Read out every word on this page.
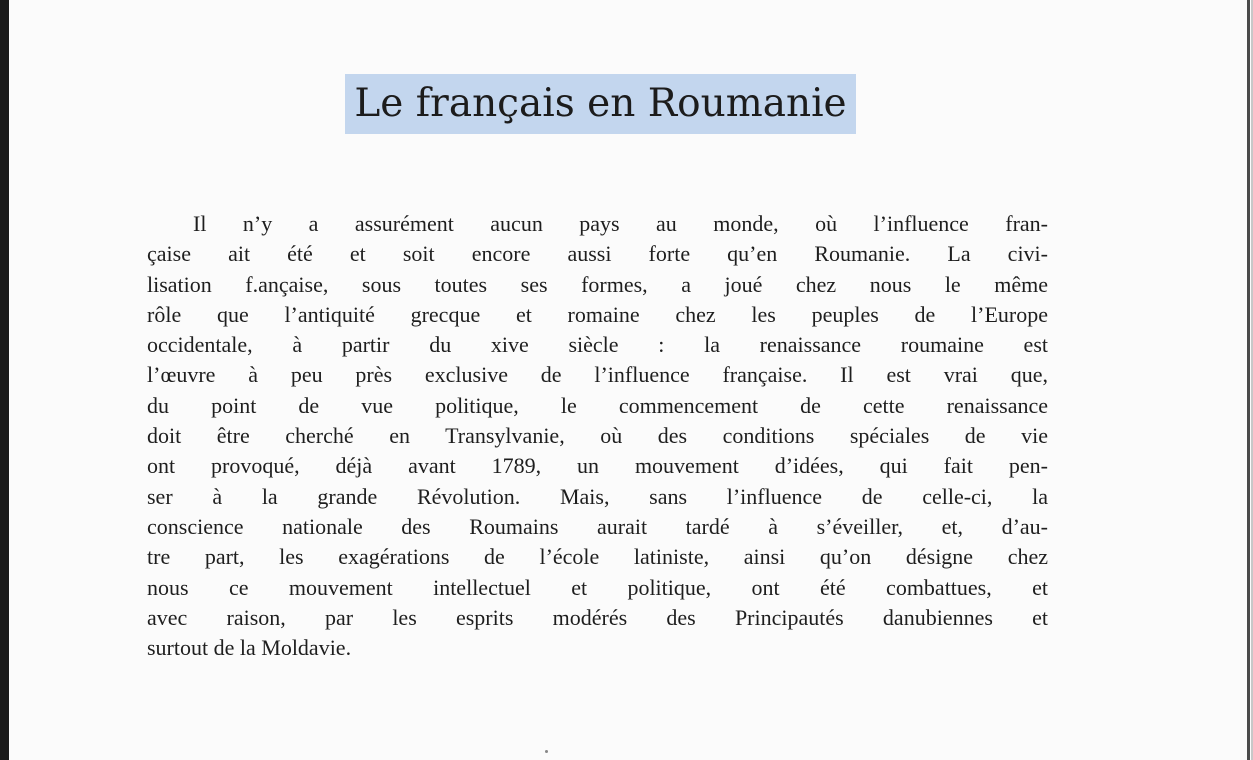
Le français en Roumanie
Il n’y a assurément aucun pays au monde, où l’influence fran-
çaise ait été et soit encore aussi forte qu’en Roumanie. La civi-
lisation f.ançaise, sous toutes ses formes, a joué chez nous le même
rôle que l’antiquité grecque et romaine chez les peuples de l’Europe
occidentale, à partir du xive siècle : la renaissance roumaine est
l’œuvre à peu près exclusive de l’influence française. Il est vrai que,
du point de vue politique, le commencement de cette renaissance
doit être cherché en Transylvanie, où des conditions spéciales de vie
ont provoqué, déjà avant 1789, un mouvement d’idées, qui fait pen-
ser à la grande Révolution. Mais, sans l’influence de celle-ci, la
conscience nationale des Roumains aurait tardé à s’éveiller, et, d’au-
tre part, les exagérations de l’école latiniste, ainsi qu’on désigne chez
nous ce mouvement intellectuel et politique, ont été combattues, et
avec raison, par les esprits modérés des Principautés danubiennes et
surtout de la Moldavie.
